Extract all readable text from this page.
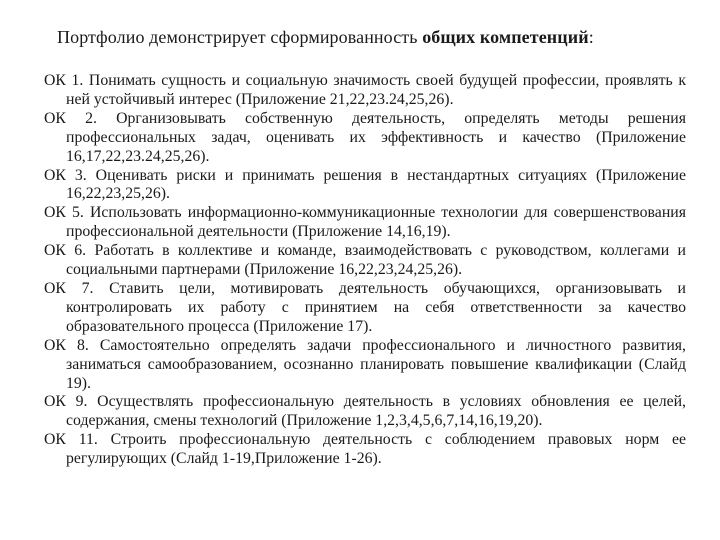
Портфолио демонстрирует сформированность общих компетенций:
ОК 1. Понимать сущность и социальную значимость своей будущей профессии, проявлять к ней устойчивый интерес (Приложение 21,22,23.24,25,26).
ОК 2. Организовывать собственную деятельность, определять методы решения профессиональных задач, оценивать их эффективность и качество (Приложение 16,17,22,23.24,25,26).
ОК 3. Оценивать риски и принимать решения в нестандартных ситуациях (Приложение 16,22,23,25,26).
ОК 5. Использовать информационно-коммуникационные технологии для совершенствования профессиональной деятельности (Приложение 14,16,19).
ОК 6. Работать в коллективе и команде, взаимодействовать с руководством, коллегами и социальными партнерами (Приложение 16,22,23,24,25,26).
ОК 7. Ставить цели, мотивировать деятельность обучающихся, организовывать и контролировать их работу с принятием на себя ответственности за качество образовательного процесса (Приложение 17).
ОК 8. Самостоятельно определять задачи профессионального и личностного развития, заниматься самообразованием, осознанно планировать повышение квалификации (Слайд 19).
ОК 9. Осуществлять профессиональную деятельность в условиях обновления ее целей, содержания, смены технологий (Приложение 1,2,3,4,5,6,7,14,16,19,20).
ОК 11. Строить профессиональную деятельность с соблюдением правовых норм ее регулирующих (Слайд 1-19,Приложение 1-26).
